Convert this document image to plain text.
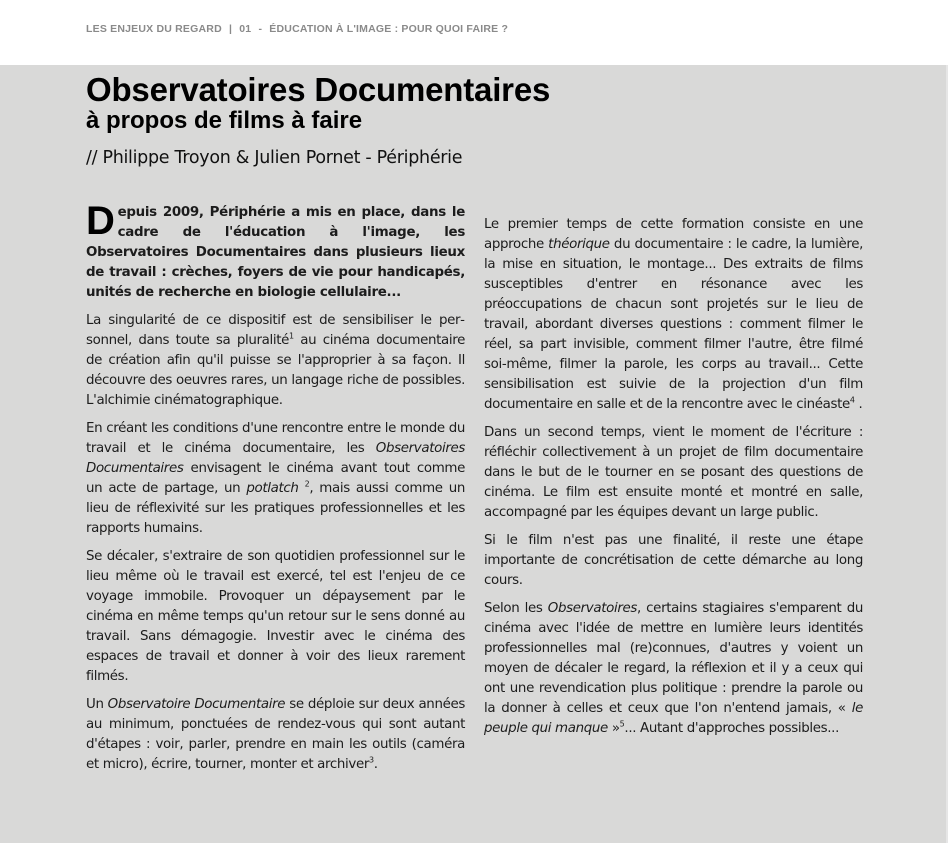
LES ENJEUX DU REGARD | 01 - ÉDUCATION À L'IMAGE : POUR QUOI FAIRE ?
Observatoires Documentaires
à propos de films à faire
// Philippe Troyon & Julien Pornet - Périphérie

Depuis 2009, Périphérie a mis en place, dans le cadre de l'éducation à l'image, les Observatoires Documentaires dans plusieurs lieux de travail : crèches, foyers de vie pour handicapés, unités de recherche en biologie cellulaire...

La singularité de ce dispositif est de sensibiliser le personnel, dans toute sa pluralité$^1$ au cinéma documentaire de création afin qu'il puisse se l'approprier à sa façon. Il découvre des oeuvres rares, un langage riche de possibles. L'alchimie cinématographique.

En créant les conditions d'une rencontre entre le monde du travail et le cinéma documentaire, les Observatoires Documentaires envisagent le cinéma avant tout comme un acte de partage, un potlatch $^2$, mais aussi comme un lieu de réflexivité sur les pratiques professionnelles et les rapports humains.

Se décaler, s'extraire de son quotidien professionnel sur le lieu même où le travail est exercé, tel est l'enjeu de ce voyage immobile. Provoquer un dépaysement par le cinéma en même temps qu'un retour sur le sens donné au travail. Sans démagogie. Investir avec le cinéma des espaces de travail et donner à voir des lieux rarement filmés.

Un Observatoire Documentaire se déploie sur deux années au minimum, ponctuées de rendez-vous qui sont autant d'étapes : voir, parler, prendre en main les outils (caméra et micro), écrire, tourner, monter et archiver$^3$.

Le premier temps de cette formation consiste en une approche théorique du documentaire : le cadre, la lumière, la mise en situation, le montage... Des extraits de films susceptibles d'entrer en résonance avec les préoccupations de chacun sont projetés sur le lieu de travail, abordant diverses questions : comment filmer le réel, sa part invisible, comment filmer l'autre, être filmé soi-même, filmer la parole, les corps au travail... Cette sensibilisation est suivie de la projection d'un film documentaire en salle et de la rencontre avec le cinéaste$^4$ .

Dans un second temps, vient le moment de l'écriture : réfléchir collectivement à un projet de film documentaire dans le but de le tourner en se posant des questions de cinéma. Le film est ensuite monté et montré en salle, accompagné par les équipes devant un large public.

Si le film n'est pas une finalité, il reste une étape importante de concrétisation de cette démarche au long cours.

Selon les Observatoires, certains stagiaires s'emparent du cinéma avec l'idée de mettre en lumière leurs identités professionnelles mal (re)connues, d'autres y voient un moyen de décaler le regard, la réflexion et il y a ceux qui ont une revendication plus politique : prendre la parole ou la donner à celles et ceux que l'on n'entend jamais, « le peuple qui manque »$^5$... Autant d'approches possibles...
